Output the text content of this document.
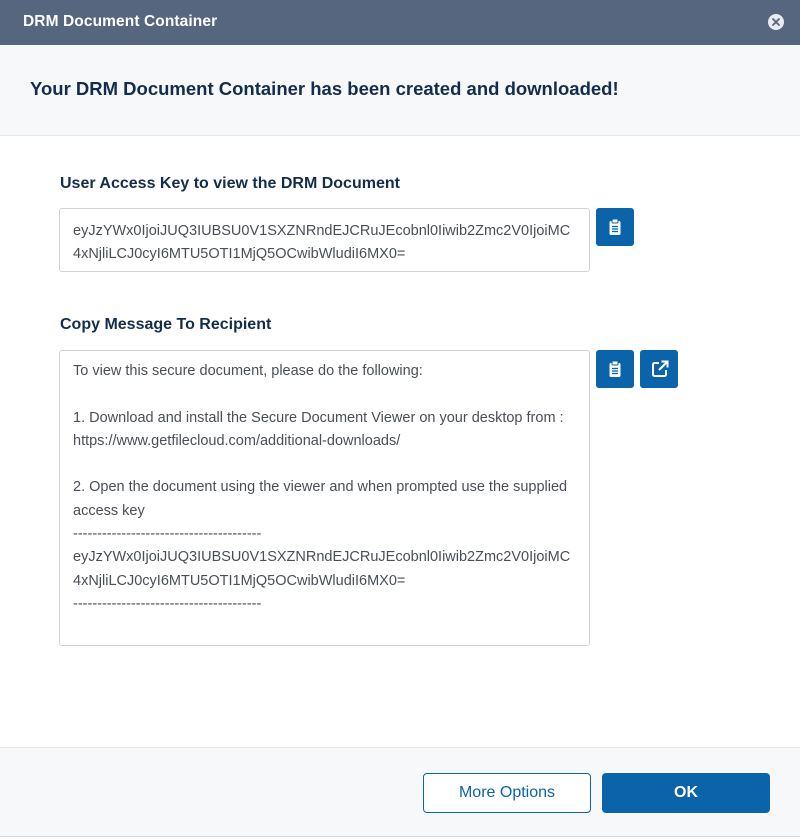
DRM Document Container
Your DRM Document Container has been created and downloaded!
User Access Key to view the DRM Document
eyJzYWx0IjoiJUQ3IUBSU0V1SXZNRndEJCRuJEcobnl0Iiwib2Zmc2V0IjoiMC4xNjliLCJ0cyI6MTU5OTI1MjQ5OCwibWludiI6MX0=
Copy Message To Recipient
To view this secure document, please do the following:

1. Download and install the Secure Document Viewer on your desktop from :
https://www.getfilecloud.com/additional-downloads/

2. Open the document using the viewer and when prompted use the supplied access key
---------------------------------------
eyJzYWx0IjoiJUQ3IUBSU0V1SXZNRndEJCRuJEcobnl0Iiwib2Zmc2V0IjoiMC4xNjliLCJ0cyI6MTU5OTI1MjQ5OCwibWludiI6MX0=
---------------------------------------
More Options	OK
